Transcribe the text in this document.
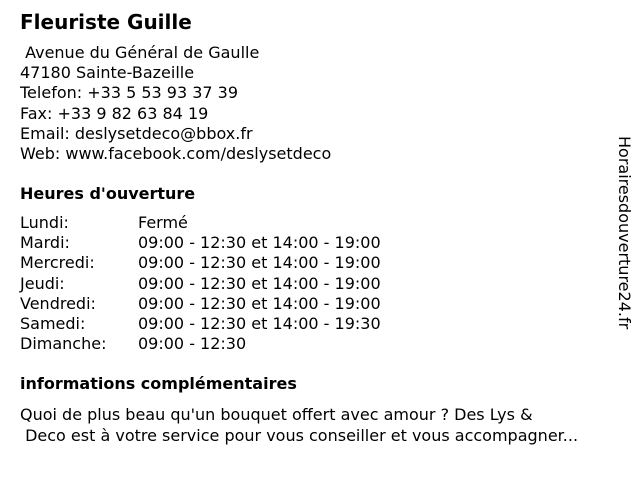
Fleuriste Guille
Avenue du Général de Gaulle
47180 Sainte-Bazeille
Telefon: +33 5 53 93 37 39
Fax: +33 9 82 63 84 19
Email: deslysetdeco@bbox.fr
Web: www.facebook.com/deslysetdeco
Heures d'ouverture
Lundi:	Fermé
Mardi:	09:00 - 12:30 et 14:00 - 19:00
Mercredi:	09:00 - 12:30 et 14:00 - 19:00
Jeudi:	09:00 - 12:30 et 14:00 - 19:00
Vendredi:	09:00 - 12:30 et 14:00 - 19:00
Samedi:	09:00 - 12:30 et 14:00 - 19:30
Dimanche: 09:00 - 12:30
informations complémentaires
Quoi de plus beau qu'un bouquet offert avec amour ? Des Lys &
Deco est à votre service pour vous conseiller et vous accompagner...
Horairesdouverture24.fr
